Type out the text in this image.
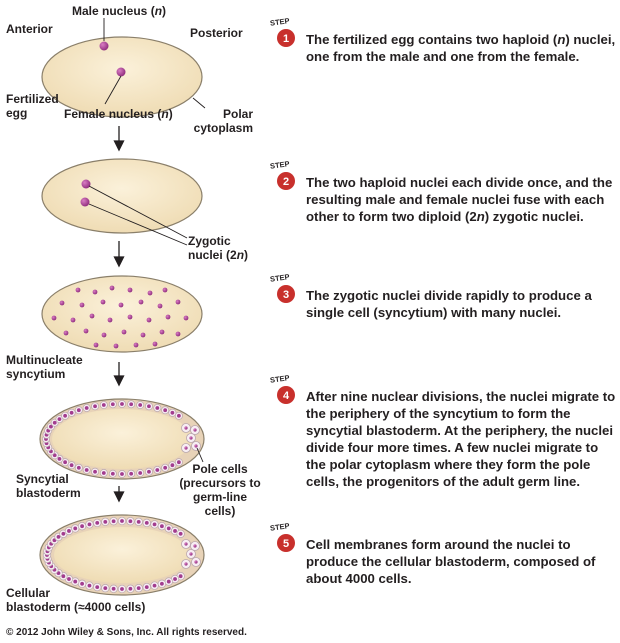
STEP
1
STEP
2
STEP
3
STEP
4
STEP
5
Anterior	Posterior
Male nucleus (n)
Fertilized
egg	Female nucleus (n)	Polar
cytoplasm
Zygotic
nuclei (2n)
Multinucleate
syncytium
Syncytial
blastoderm
Pole cells
(precursors to
germ-line
cells)
Cellular
blastoderm (≈4000 cells)
The fertilized egg contains two haploid (n) nuclei, one from the male and one from the female.
The two haploid nuclei each divide once, and the resulting male and female nuclei fuse with each other to form two diploid (2n) zygotic nuclei.
The zygotic nuclei divide rapidly to produce a single cell (syncytium) with many nuclei.
After nine nuclear divisions, the nuclei migrate to the periphery of the syncytium to form the syncytial blastoderm. At the periphery, the nuclei divide four more times. A few nuclei migrate to the polar cytoplasm where they form the pole cells, the progenitors of the adult germ line.
Cell membranes form around the nuclei to produce the cellular blastoderm, composed of about 4000 cells.
© 2012 John Wiley & Sons, Inc. All rights reserved.
